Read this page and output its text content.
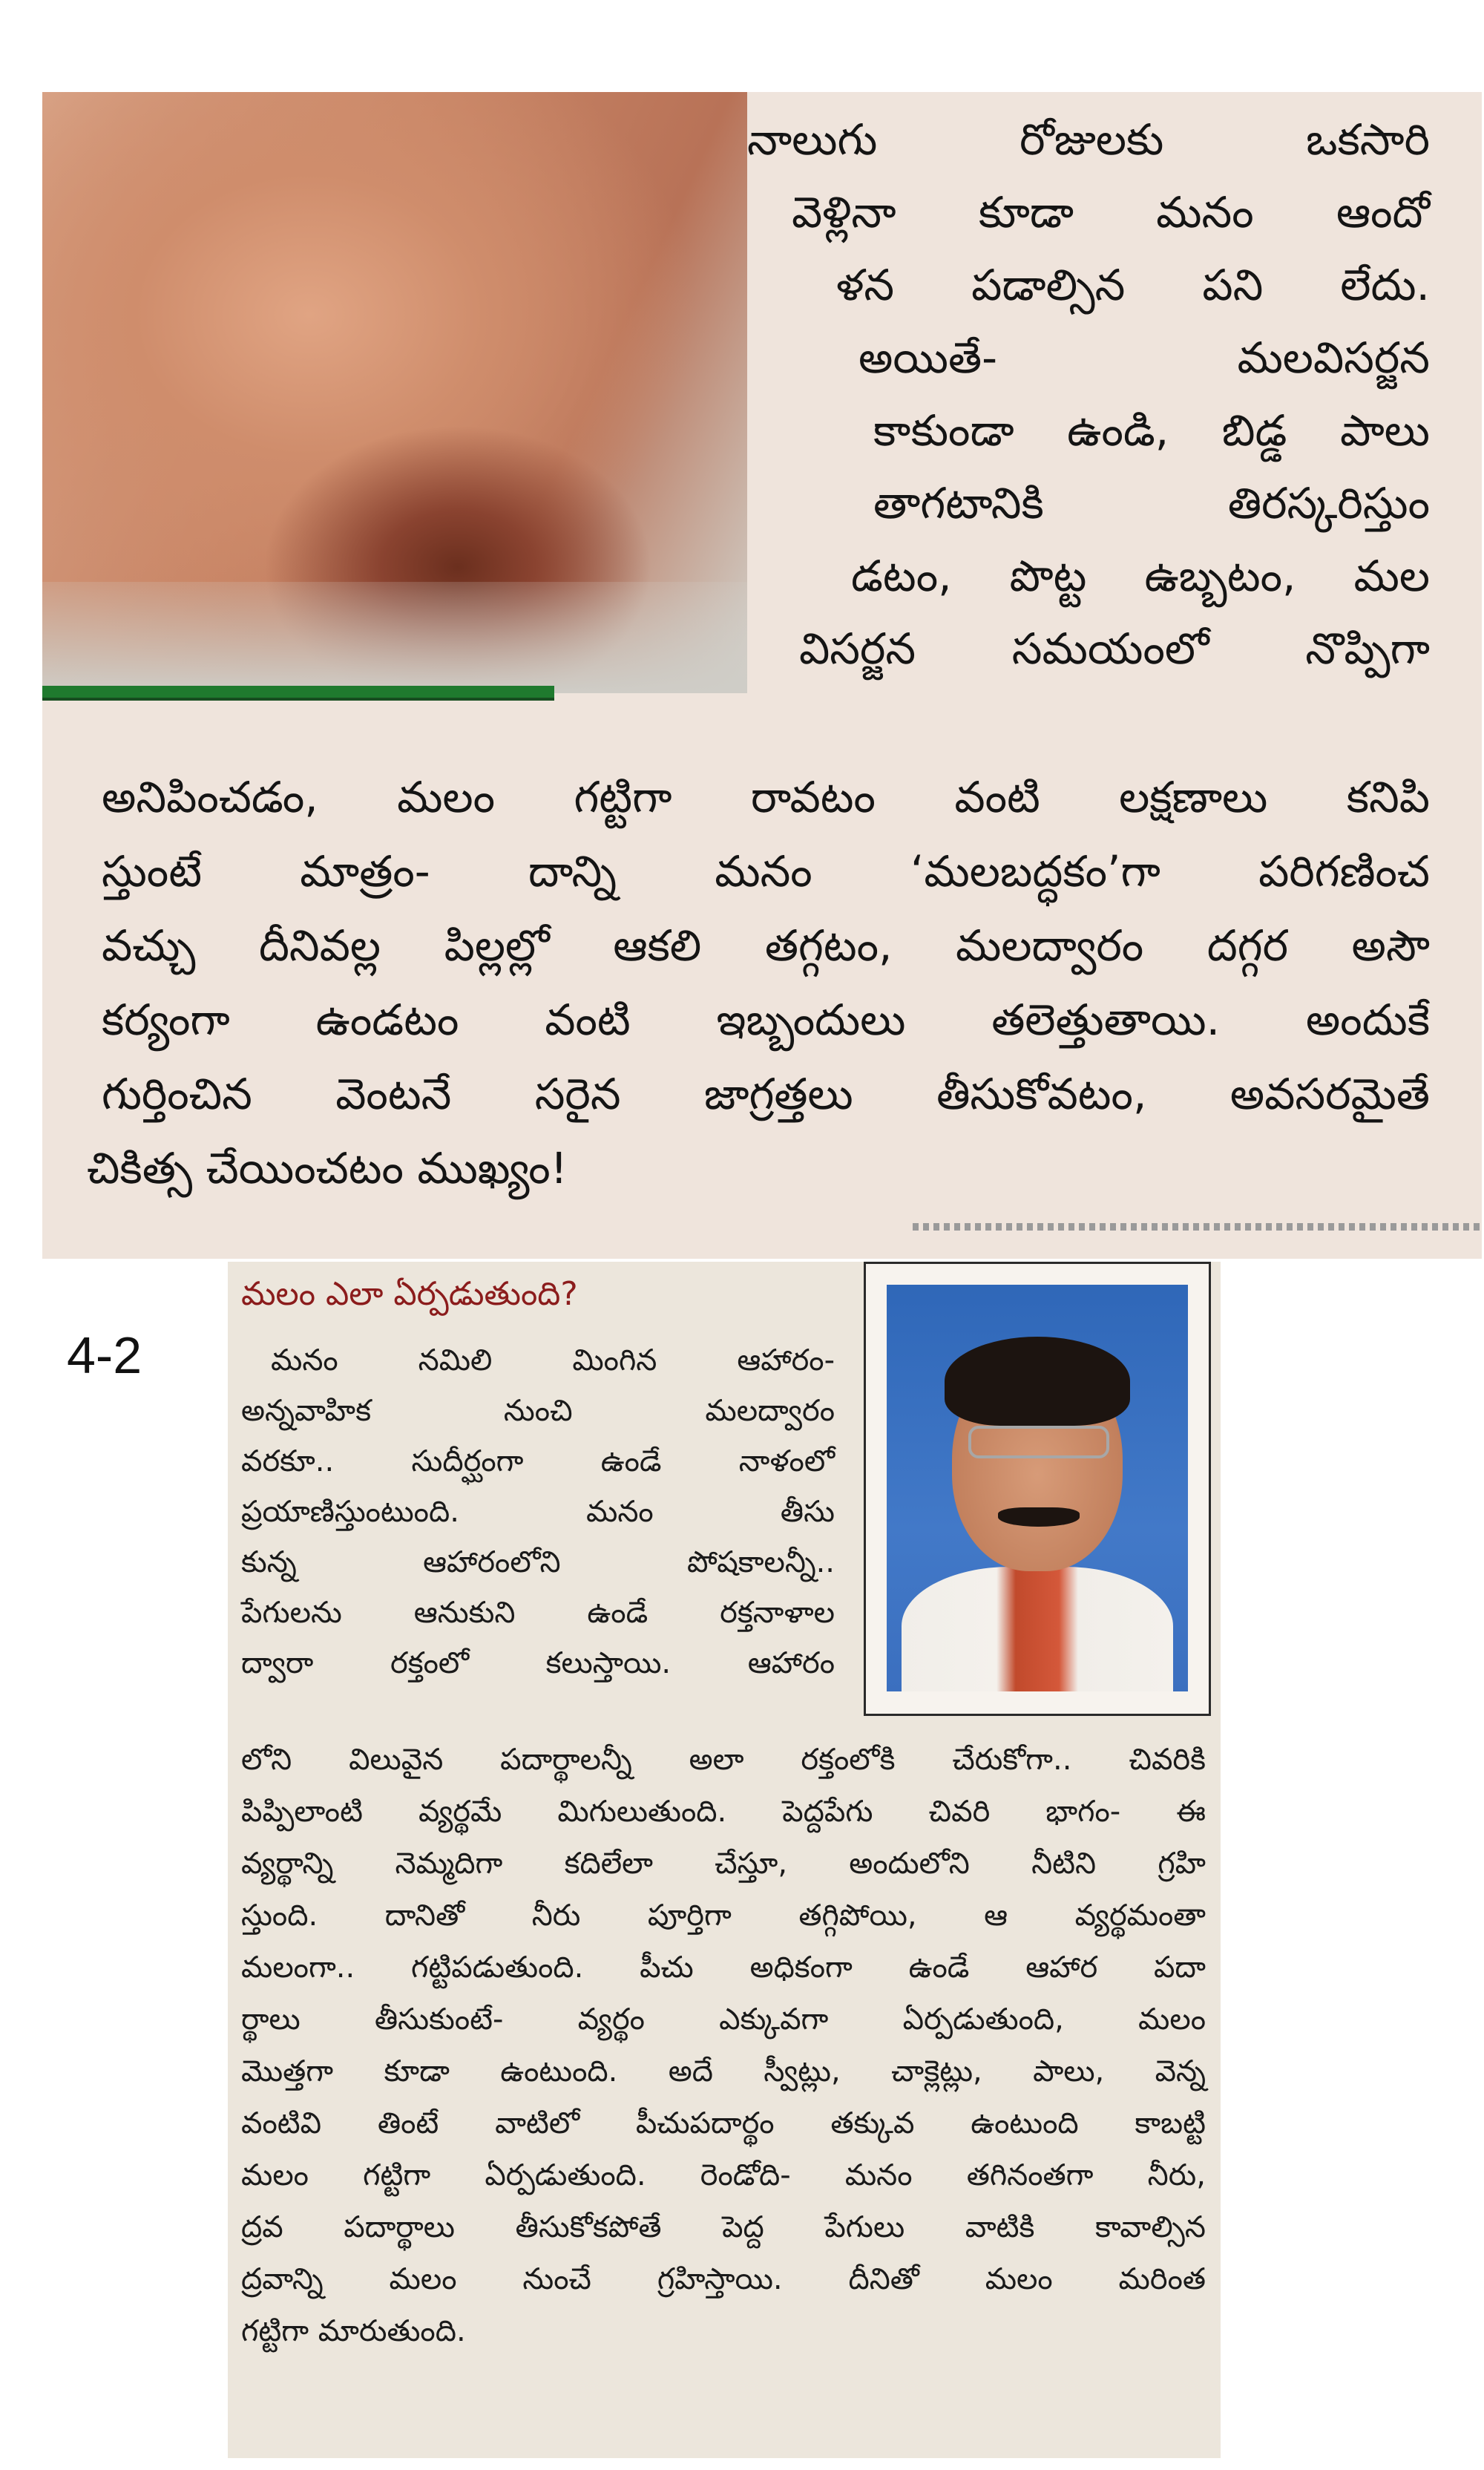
నాలుగు రోజులకు ఒకసారి
వెళ్లినా కూడా మనం ఆందో
ళన పడాల్సిన పని లేదు.
అయితే- మలవిసర్జన
కాకుండా ఉండి, బిడ్డ పాలు
తాగటానికి తిరస్కరిస్తుం
డటం, పొట్ట ఉబ్బటం, మల
విసర్జన సమయంలో నొప్పిగా
అనిపించడం, మలం గట్టిగా రావటం వంటి లక్షణాలు కనిపి
స్తుంటే మాత్రం- దాన్ని మనం ‘మలబద్ధకం’గా పరిగణించ
వచ్చు దీనివల్ల పిల్లల్లో ఆకలి తగ్గటం, మలద్వారం దగ్గర అసౌ
కర్యంగా ఉండటం వంటి ఇబ్బందులు తలెత్తుతాయి. అందుకే
గుర్తించిన వెంటనే సరైన జాగ్రత్తలు తీసుకోవటం, అవసరమైతే
చికిత్స చేయించటం ముఖ్యం!
4-2
మలం ఎలా ఏర్పడుతుంది?
మనం నమిలి మింగిన ఆహారం-
అన్నవాహిక నుంచి మలద్వారం
వరకూ.. సుదీర్ఘంగా ఉండే నాళంలో
ప్రయాణిస్తుంటుంది. మనం తీసు
కున్న ఆహారంలోని పోషకాలన్నీ..
పేగులను ఆనుకుని ఉండే రక్తనాళాల
ద్వారా రక్తంలో కలుస్తాయి. ఆహారం
లోని విలువైన పదార్థాలన్నీ అలా రక్తంలోకి చేరుకోగా.. చివరికి
పిప్పిలాంటి వ్యర్థమే మిగులుతుంది. పెద్దపేగు చివరి భాగం- ఈ
వ్యర్థాన్ని నెమ్మదిగా కదిలేలా చేస్తూ, అందులోని నీటిని గ్రహి
స్తుంది. దానితో నీరు పూర్తిగా తగ్గిపోయి, ఆ వ్యర్థమంతా
మలంగా.. గట్టిపడుతుంది. పీచు అధికంగా ఉండే ఆహార పదా
ర్థాలు తీసుకుంటే- వ్యర్థం ఎక్కువగా ఏర్పడుతుంది, మలం
మొత్తగా కూడా ఉంటుంది. అదే స్వీట్లు, చాక్లెట్లు, పాలు, వెన్న
వంటివి తింటే వాటిలో పీచుపదార్థం తక్కువ ఉంటుంది కాబట్టి
మలం గట్టిగా ఏర్పడుతుంది. రెండోది- మనం తగినంతగా నీరు,
ద్రవ పదార్థాలు తీసుకోకపోతే పెద్ద పేగులు వాటికి కావాల్సిన
ద్రవాన్ని మలం నుంచే గ్రహిస్తాయి. దీనితో మలం మరింత
గట్టిగా మారుతుంది.
